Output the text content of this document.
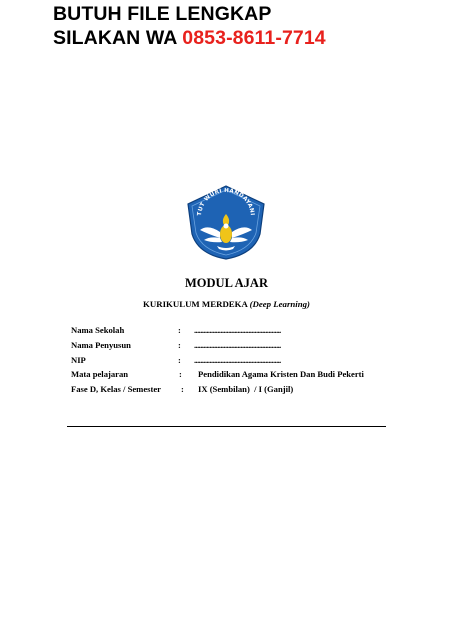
BUTUH FILE LENGKAP
SILAKAN WA 0853-8611-7714
TUT WURI HANDAYANI
MODUL AJAR
KURIKULUM MERDEKA (Deep Learning)
Nama Sekolah	: ........................................................
Nama Penyusun	: ........................................................
NIP	: ........................................................
Mata pelajaran	: Pendidikan Agama Kristen Dan Budi Pekerti
Fase D, Kelas / Semester : IX (Sembilan)  / I (Ganjil)
